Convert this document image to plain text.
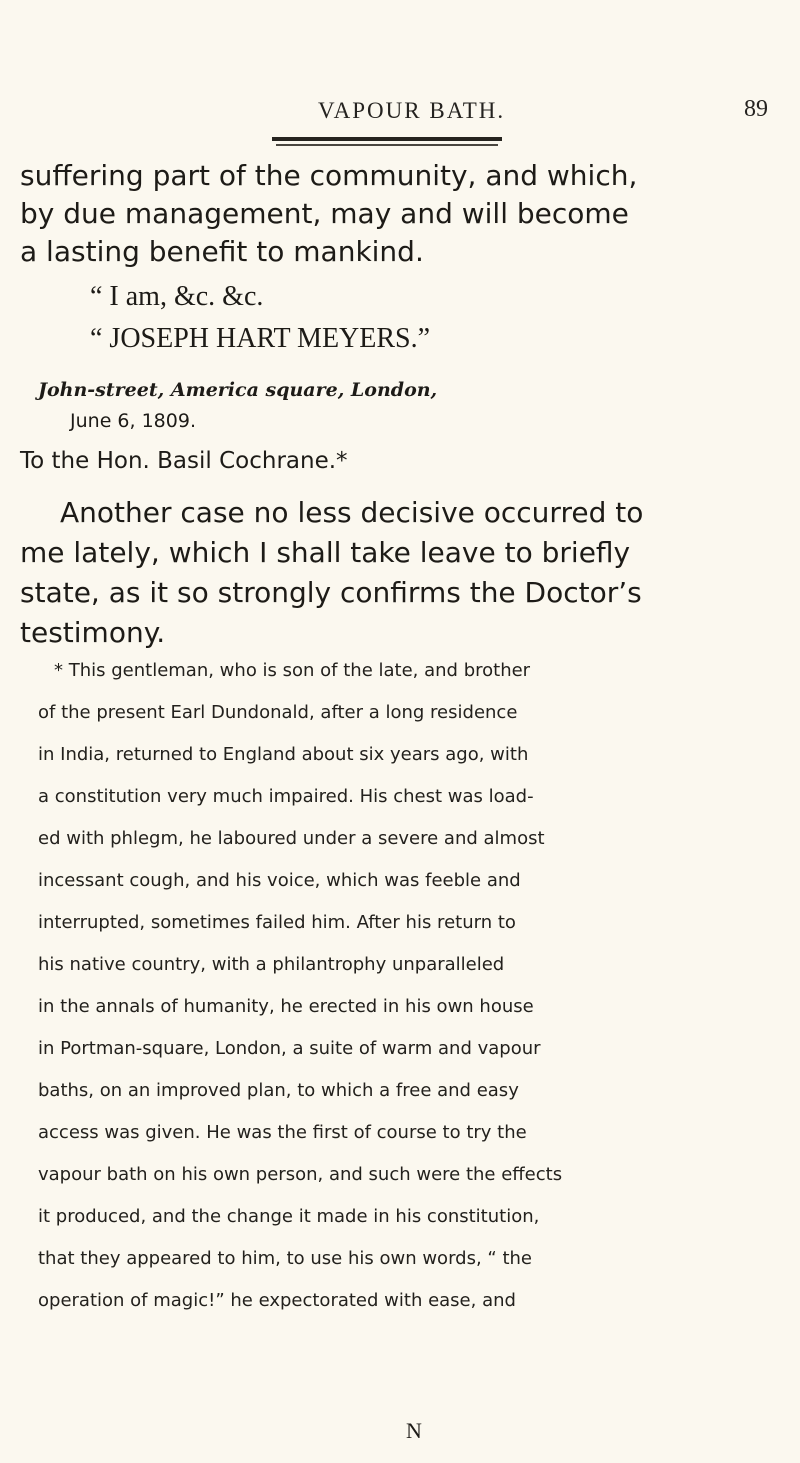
VAPOUR BATH.	89
suffering part of the community, and which,
by due management, may and will become
a lasting benefit to mankind.
“ I am, &c. &c.
“ JOSEPH HART MEYERS.”
John-street, America square, London,
June 6, 1809.
To the Hon. Basil Cochrane.*
Another case no less decisive occurred to
me lately, which I shall take leave to briefly
state, as it so strongly confirms the Doctor’s
testimony.
* This gentleman, who is son of the late, and brother
of the present Earl Dundonald, after a long residence
in India, returned to England about six years ago, with
a constitution very much impaired. His chest was load-
ed with phlegm, he laboured under a severe and almost
incessant cough, and his voice, which was feeble and
interrupted, sometimes failed him. After his return to
his native country, with a philantrophy unparalleled
in the annals of humanity, he erected in his own house
in Portman-square, London, a suite of warm and vapour
baths, on an improved plan, to which a free and easy
access was given. He was the first of course to try the
vapour bath on his own person, and such were the effects
it produced, and the change it made in his constitution,
that they appeared to him, to use his own words, “ the
operation of magic!” he expectorated with ease, and
N
